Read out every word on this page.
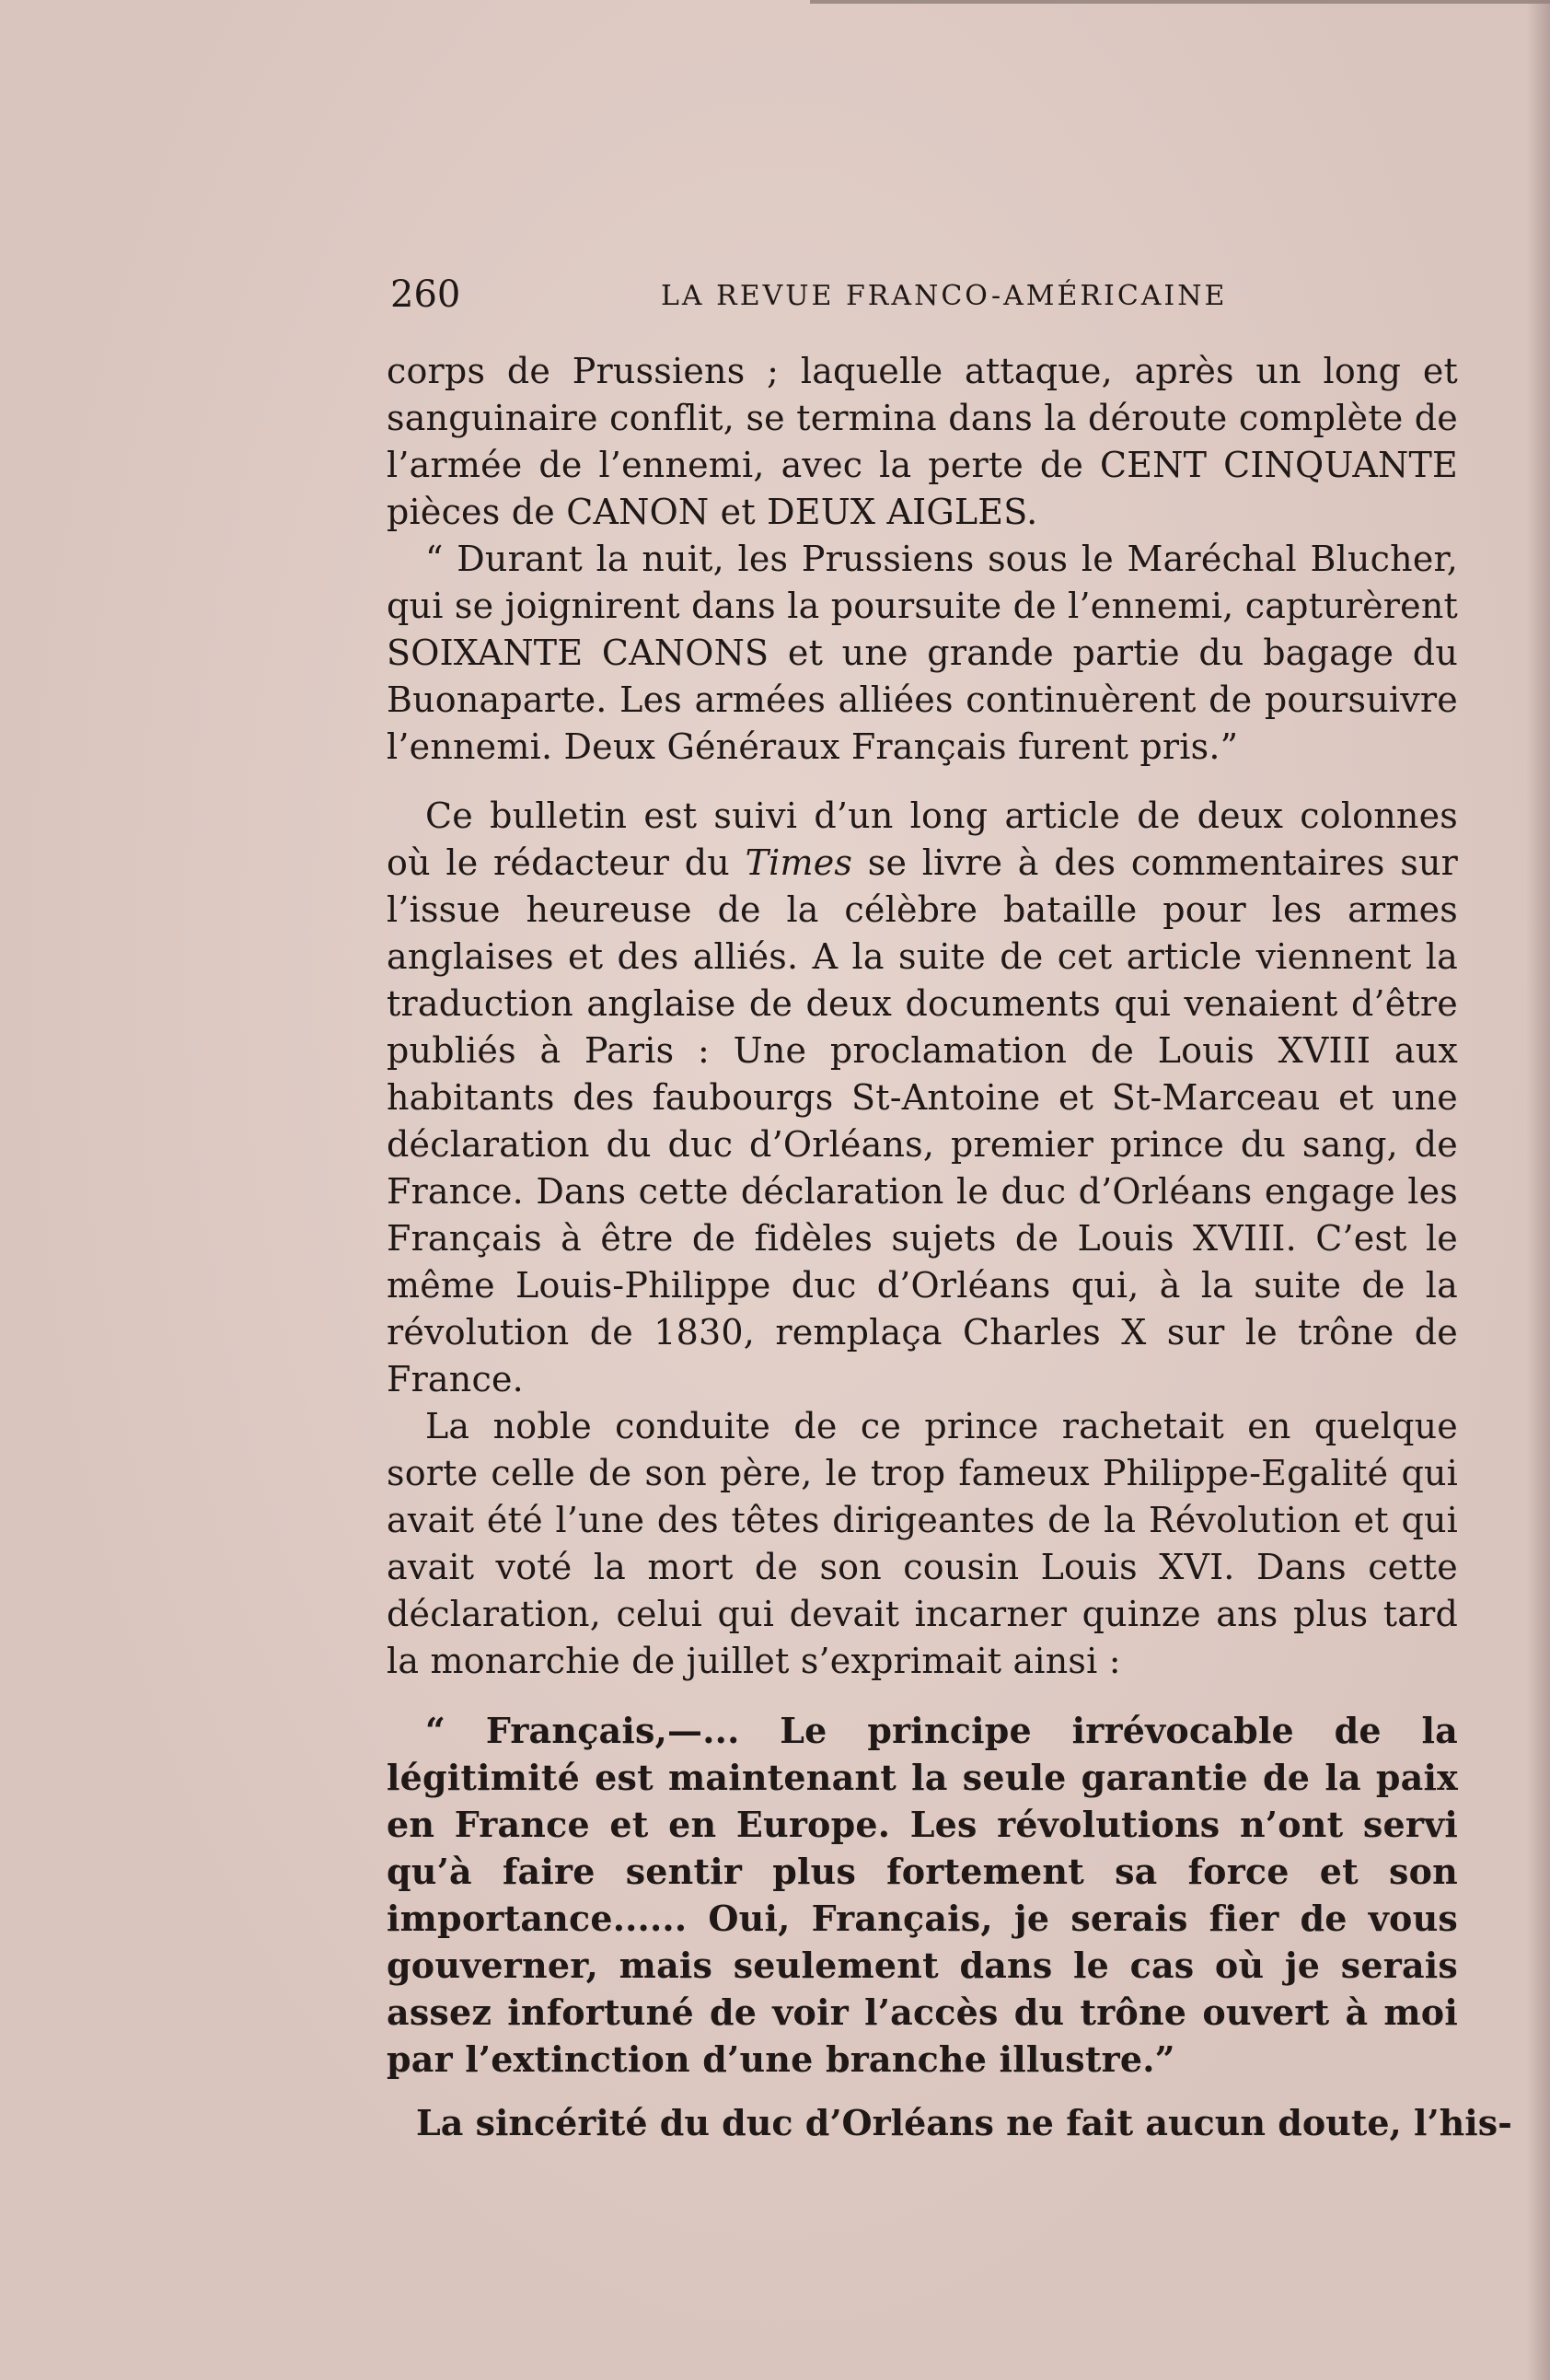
260	LA REVUE FRANCO-AMÉRICAINE

corps de Prussiens ; laquelle attaque, après un long et sanguinaire conflit, se termina dans la déroute complète de l’armée de l’ennemi, avec la perte de CENT CINQUANTE pièces de CANON et DEUX AIGLES.

“ Durant la nuit, les Prussiens sous le Maréchal Blucher, qui se joignirent dans la poursuite de l’ennemi, capturèrent SOIXANTE CANONS et une grande partie du bagage du Buonaparte. Les armées alliées continuèrent de poursuivre l’ennemi. Deux Généraux Français furent pris.”

Ce bulletin est suivi d’un long article de deux colonnes où le rédacteur du Times se livre à des commentaires sur l’issue heureuse de la célèbre bataille pour les armes anglaises et des alliés. A la suite de cet article viennent la traduction anglaise de deux documents qui venaient d’être publiés à Paris : Une proclamation de Louis XVIII aux habitants des faubourgs St-Antoine et St-Marceau et une déclaration du duc d’Orléans, premier prince du sang, de France. Dans cette déclaration le duc d’Orléans engage les Français à être de fidèles sujets de Louis XVIII. C’est le même Louis-Philippe duc d’Orléans qui, à la suite de la révolution de 1830, remplaça Charles X sur le trône de France.

La noble conduite de ce prince rachetait en quelque sorte celle de son père, le trop fameux Philippe-Egalité qui avait été l’une des têtes dirigeantes de la Révolution et qui avait voté la mort de son cousin Louis XVI. Dans cette déclaration, celui qui devait incarner quinze ans plus tard la monarchie de juillet s’exprimait ainsi :

“ Français,—... Le principe irrévocable de la légitimité est maintenant la seule garantie de la paix en France et en Europe. Les révolutions n’ont servi qu’à faire sentir plus fortement sa force et son importance...... Oui, Français, je serais fier de vous gouverner, mais seulement dans le cas où je serais assez infortuné de voir l’accès du trône ouvert à moi par l’extinction d’une branche illustre.”

La sincérité du duc d’Orléans ne fait aucun doute, l’his-
